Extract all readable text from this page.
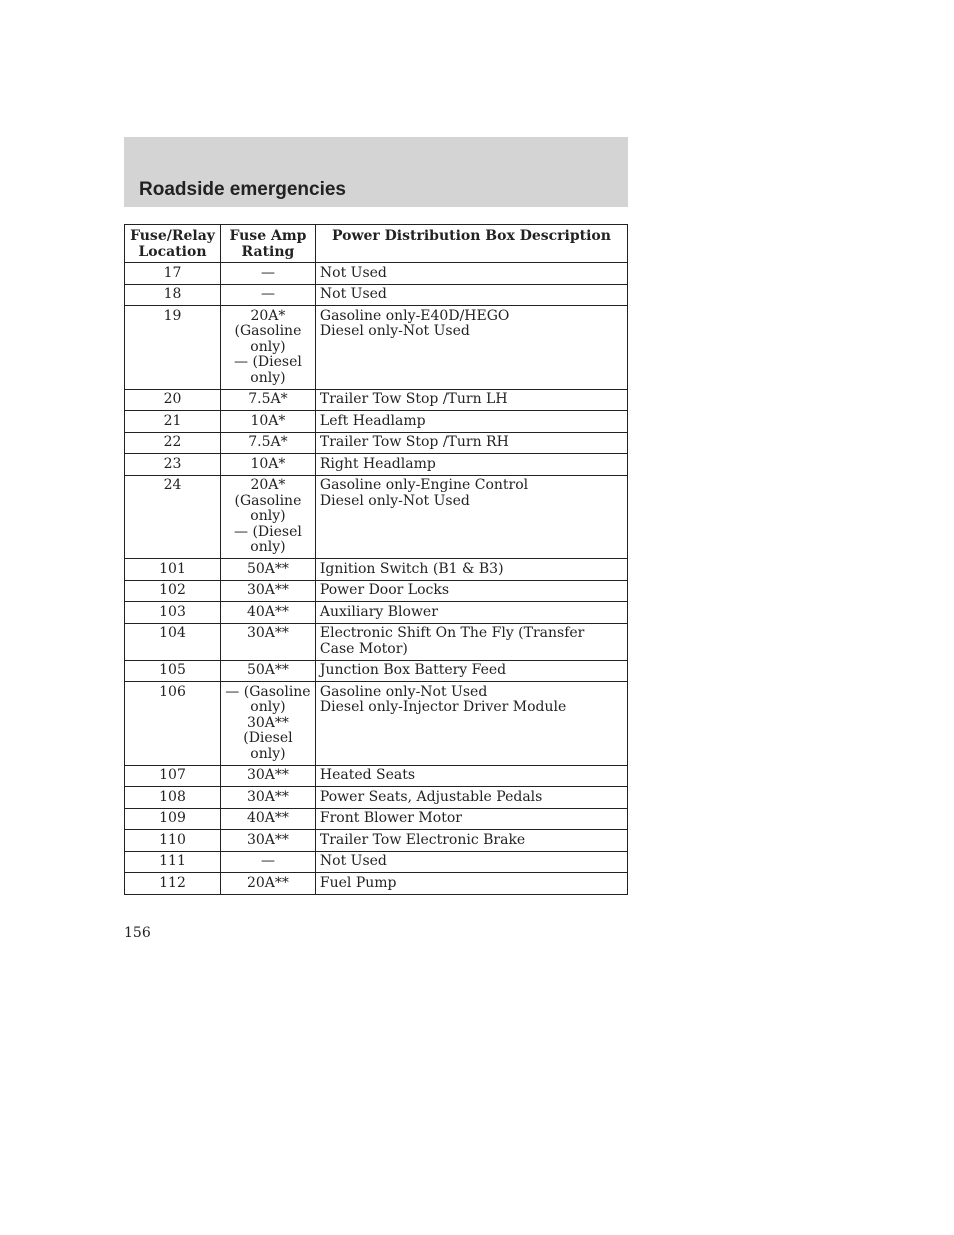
Roadside emergencies
Fuse/Relay
Location	Fuse Amp
Rating	Power Distribution Box Description
17	—	Not Used
18	—	Not Used
19	20A*
(Gasoline
only)
— (Diesel
only)	Gasoline only-E40D/HEGO
Diesel only-Not Used
20	7.5A*	Trailer Tow Stop /Turn LH
21	10A*	Left Headlamp
22	7.5A*	Trailer Tow Stop /Turn RH
23	10A*	Right Headlamp
24	20A*
(Gasoline
only)
— (Diesel
only)	Gasoline only-Engine Control
Diesel only-Not Used
101	50A**	Ignition Switch (B1 & B3)
102	30A**	Power Door Locks
103	40A**	Auxiliary Blower
104	30A**	Electronic Shift On The Fly (Transfer Case Motor)
105	50A**	Junction Box Battery Feed
106	— (Gasoline
only)
30A**
(Diesel
only)	Gasoline only-Not Used
Diesel only-Injector Driver Module
107	30A**	Heated Seats
108	30A**	Power Seats, Adjustable Pedals
109	40A**	Front Blower Motor
110	30A**	Trailer Tow Electronic Brake
111	—	Not Used
112	20A**	Fuel Pump
156
